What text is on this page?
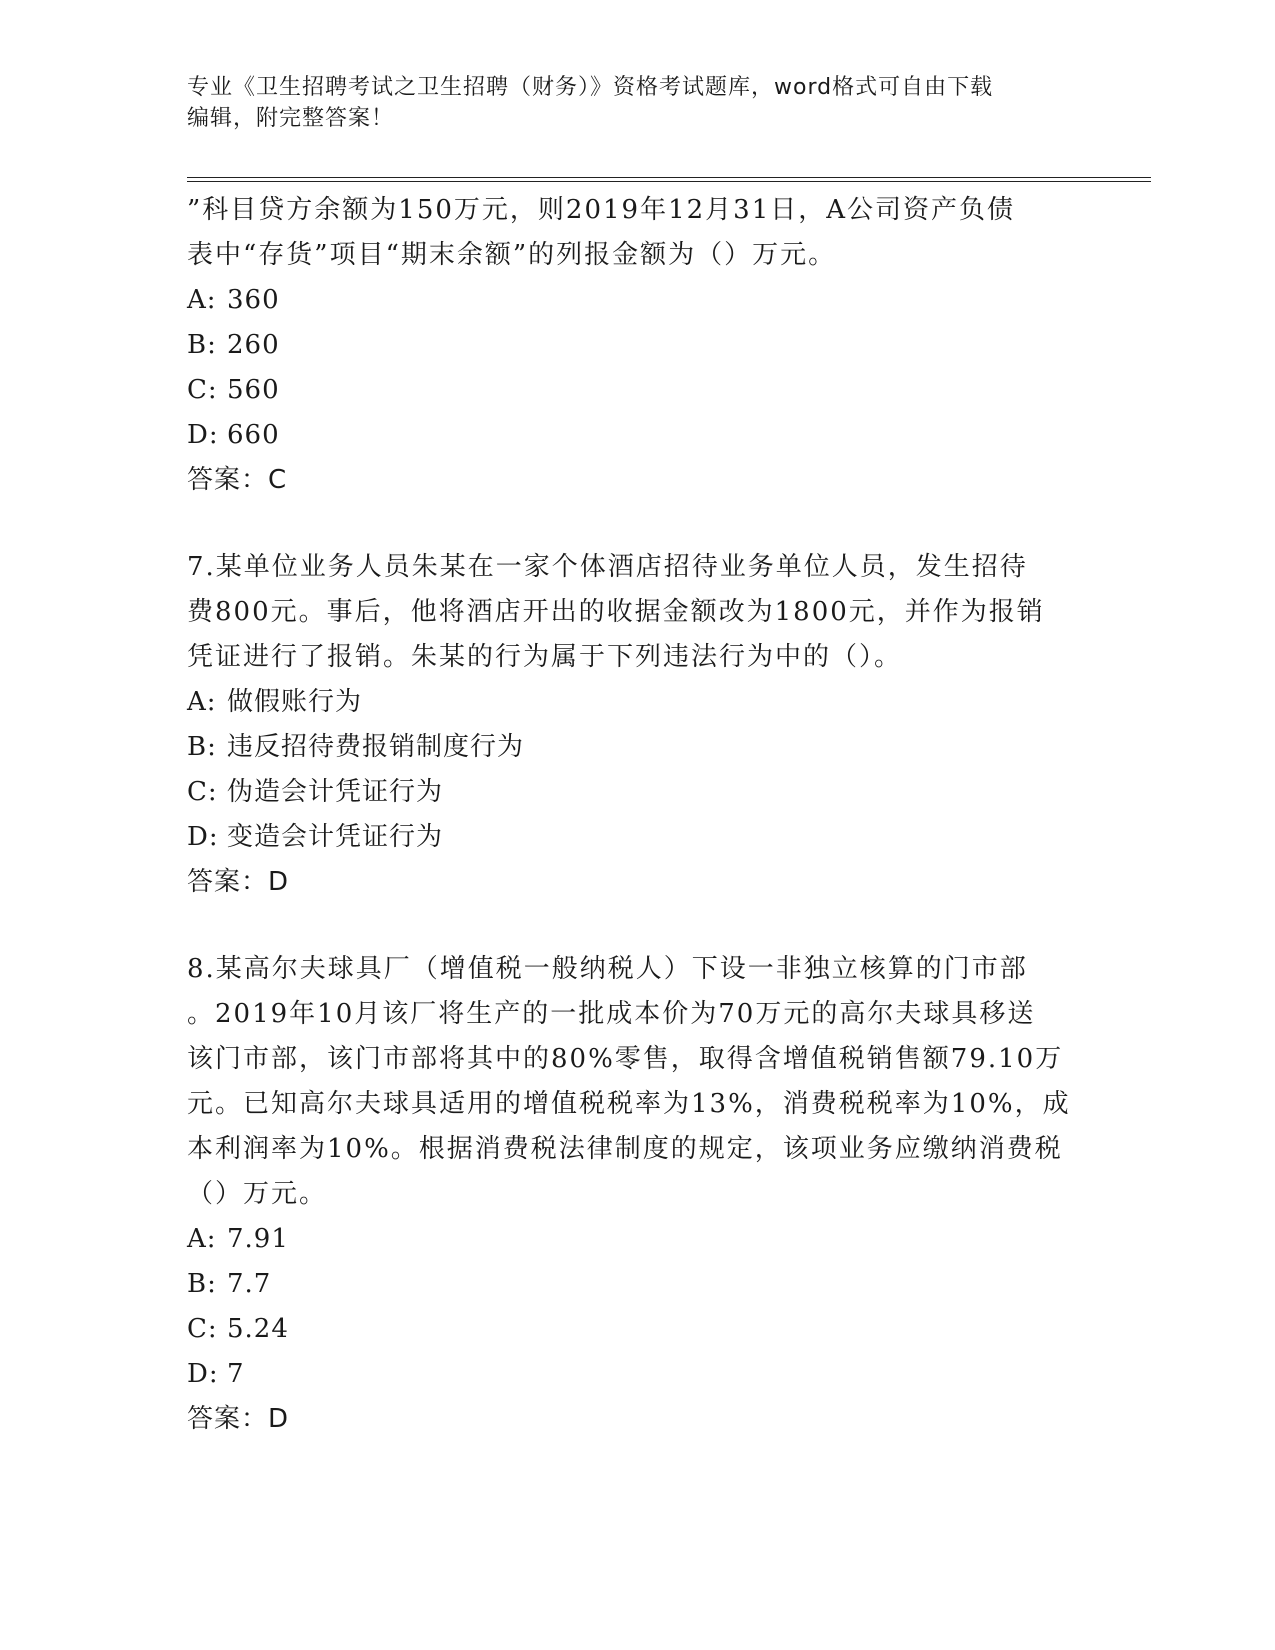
专业《卫生招聘考试之卫生招聘（财务）》资格考试题库，word格式可自由下载
编辑，附完整答案！
”科目贷方余额为150万元，则2019年12月31日，A公司资产负债
表中“存货”项目“期末余额”的列报金额为（）万元。
A: 360
B: 260
C: 560
D: 660
答案：C
7.某单位业务人员朱某在一家个体酒店招待业务单位人员，发生招待
费800元。事后，他将酒店开出的收据金额改为1800元，并作为报销
凭证进行了报销。朱某的行为属于下列违法行为中的（）。
A: 做假账行为
B: 违反招待费报销制度行为
C: 伪造会计凭证行为
D: 变造会计凭证行为
答案：D
8.某高尔夫球具厂（增值税一般纳税人）下设一非独立核算的门市部
。2019年10月该厂将生产的一批成本价为70万元的高尔夫球具移送
该门市部，该门市部将其中的80%零售，取得含增值税销售额79.10万
元。已知高尔夫球具适用的增值税税率为13%，消费税税率为10%，成
本利润率为10%。根据消费税法律制度的规定，该项业务应缴纳消费税
（）万元。
A: 7.91
B: 7.7
C: 5.24
D: 7
答案：D
